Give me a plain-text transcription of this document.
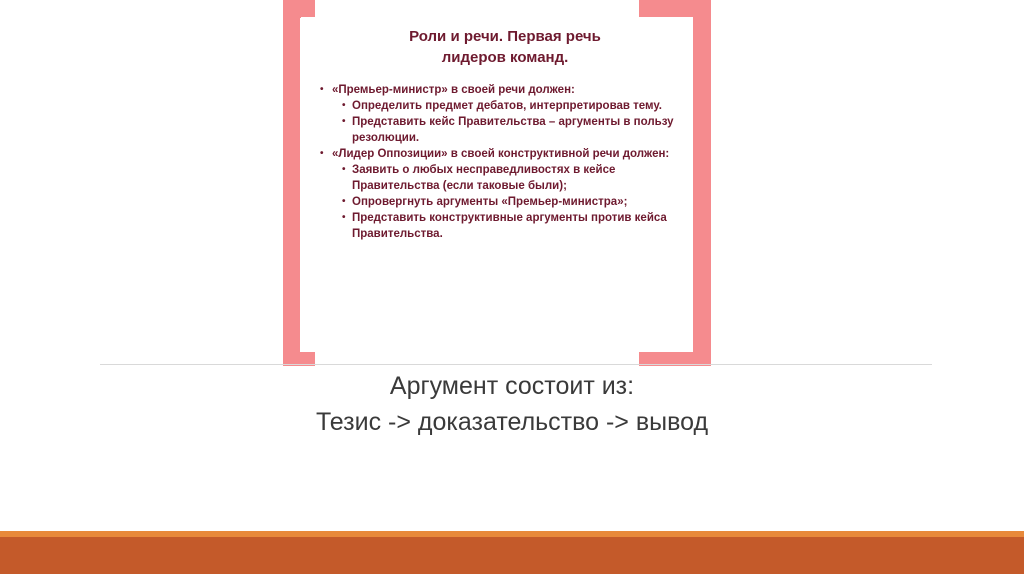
Роли и речи. Первая речь
лидеров команд.

• «Премьер-министр» в своей речи должен:

• Определить предмет дебатов, интерпретировав тему.

• Представить кейс Правительства – аргументы в пользу резолюции.

• «Лидер Оппозиции» в своей конструктивной речи должен:

• Заявить о любых несправедливостях в кейсе Правительства (если таковые были);

• Опровергнуть аргументы «Премьер-министра»;

• Представить конструктивные аргументы против кейса Правительства.

Аргумент состоит из:
Тезис -> доказательство -> вывод
